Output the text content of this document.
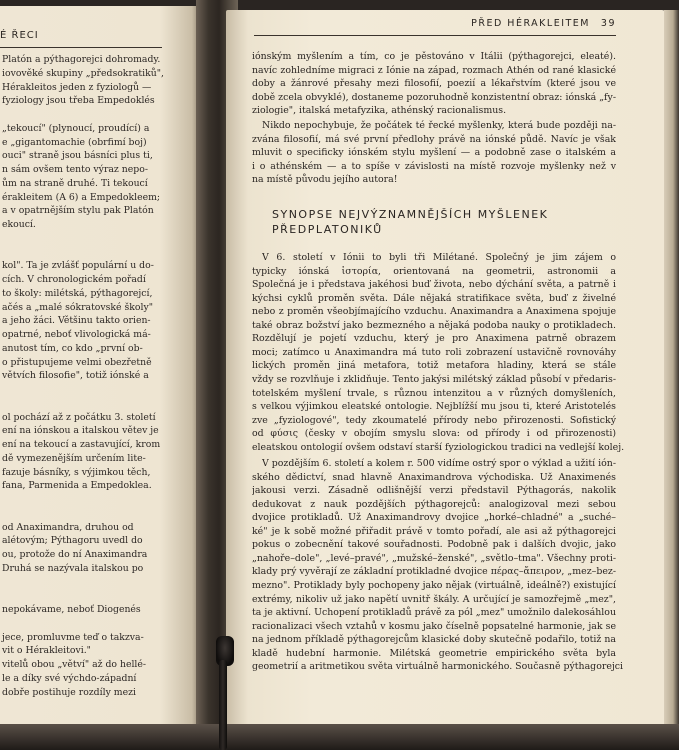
É ŘECI
Platón a pýthagorejci dohromady.
iovověké skupiny „předsokratiků",
Hérakleitos jeden z fyziologů —
fyziology jsou třeba Empedoklés
„tekoucí" (plynoucí, proudící) a
e „gigantomachie (obrfimí boj)
ouci" straně jsou básníci plus ti,
n sám ovšem tento výraz nepo-
ům na straně druhé. Ti tekoucí
érakleitem (A 6) a Empedokleem;
a v opatrnějším stylu pak Platón
ekoucí.
kol". Ta je zvlášť populární u do-
cích. V chronologickém pořadí
to školy: milétská, pýthagorejcí,
ačés a „malé sókratovské školy"
a jeho žáci. Většinu takto orien-
opatrné, neboť vlivologická má-
anutost tím, co kdo „první ob-
o přistupujeme velmi obezřetně
větvích filosofie", totiž iónské a
ol pochází až z počátku 3. století
ení na iónskou a italskou větev je
ení na tekoucí a zastavující, krom
dě vymezenějším určením lite-
fazuje básníky, s výjimkou těch,
fana, Parmenida a Empedoklea.
od Anaximandra, druhou od
alétovým; Pýthagoru uvedl do
ou, protože do ní Anaximandra
Druhá se nazývala italskou po
nepokávame, neboť Diogenés
jece, promluvme teď o takzva-
vit o Hérakleitovi."
vitelů obou „větví" až do hellé-
le a díky své výchdo-západní
dobře postihuje rozdíly mezi
PŘED HÉRAKLEITEM 39
iónským myšlením a tím, co je pěstováno v Itálii (pýthagorejci, eleaté).
navíc zohledníme migraci z Iónie na západ, rozmach Athén od rané klasické
doby a žánrové přesahy mezi filosofií, poezií a lékařstvím (které jsou ve
době zcela obvyklé), dostaneme pozoruhodně konzistentní obraz: iónská „fy-
ziologie", italská metafyzika, athénský racionalismus.
Nikdo nepochybuje, že počátek té řecké myšlenky, která bude později na-
zvána filosofií, má své první předlohy právě na iónské půdě. Navíc je však
mluvit o specificky iónském stylu myšlení — a podobně zase o italském a
i o athénském — a to spíše v závislosti na místě rozvoje myšlenky než v
na místě původu jejího autora!
SYNOPSE NEJVÝZNAMNĚJŠÍCH MYŠLENEK PŘEDPLATONIKŮ
V 6. století v Iónii to byli tři Milétané. Společný je jim zájem o
typicky iónská ἱστορία, orientovaná na geometrii, astronomii a
Společná je i představa jakéhosi buď života, nebo dýchání světa, a patrně i
kýchsi cyklů proměn světa. Dále nějaká stratifikace světa, buď z živelné
nebo z proměn všeobjímajícího vzduchu. Anaximandra a Anaximena spojuje
také obraz božství jako bezmezného a nějaká podoba nauky o protikladech.
Rozdělují je pojetí vzduchu, který je pro Anaximena patrně obrazem
moci; zatímco u Anaximandra má tuto roli zobrazení ustavičně rovnováhy
lických proměn jiná metafora, totiž metafora hladiny, která se stále
vždy se rozvlňuje i zklidňuje. Tento jakýsi milétský základ působí v předaris-
totelském myšlení trvale, s různou intenzitou a v různých domyšleních,
s velkou výjimkou eleatské ontologie. Nejblížší mu jsou ti, které Aristotelés
zve „fyziologové", tedy zkoumatelé přírody nebo přirozenosti. Sofistický
od φύσις (česky v obojím smyslu slova: od přírody i od přirozenosti)
eleatskou ontologií ovšem odstaví starší fyziologickou tradici na vedlejší kolej.
V pozdějším 6. století a kolem r. 500 vidíme ostrý spor o výklad a užití ión-
ského dědictví, snad hlavně Anaximandrova východiska. Už Anaximenés
jakousi verzi. Zásadně odlišnější verzi představil Pýthagorás, nakolik
dedukovat z nauk pozdějších pýthagorejců: analogizoval mezi sebou
dvojice protikladů. Už Anaximandrovy dvojice „horké–chladné" a „suché–
ké" je k sobě možné přiřadit právě v tomto pořadí, ale asi až pýthagorejci
pokus o zobecnění takové souřadnosti. Podobně pak i dalších dvojic, jako
„nahoře–dole", „levé–pravé", „mužské–ženské", „světlo–tma". Všechny proti-
klady prý vyvěrají ze základní protikladné dvojice πέρας–ἄπειρον, „mez–bez-
mezno". Protiklady byly pochopeny jako nějak (virtuálně, ideálně?) existující
extrémy, nikoliv už jako napětí uvnitř škály. A určující je samozřejmě „mez",
ta je aktivní. Uchopení protikladů právě za pól „mez" umožnilo dalekosáhlou
racionalizaci všech vztahů v kosmu jako číselně popsatelné harmonie, jak se
na jednom příkladě pýthagorejcům klasické doby skutečně podařilo, totiž na
kladě hudební harmonie. Milétská geometrie empirického světa byla
geometrií a aritmetikou světa virtuálně harmonického. Současně pýthagorejci
